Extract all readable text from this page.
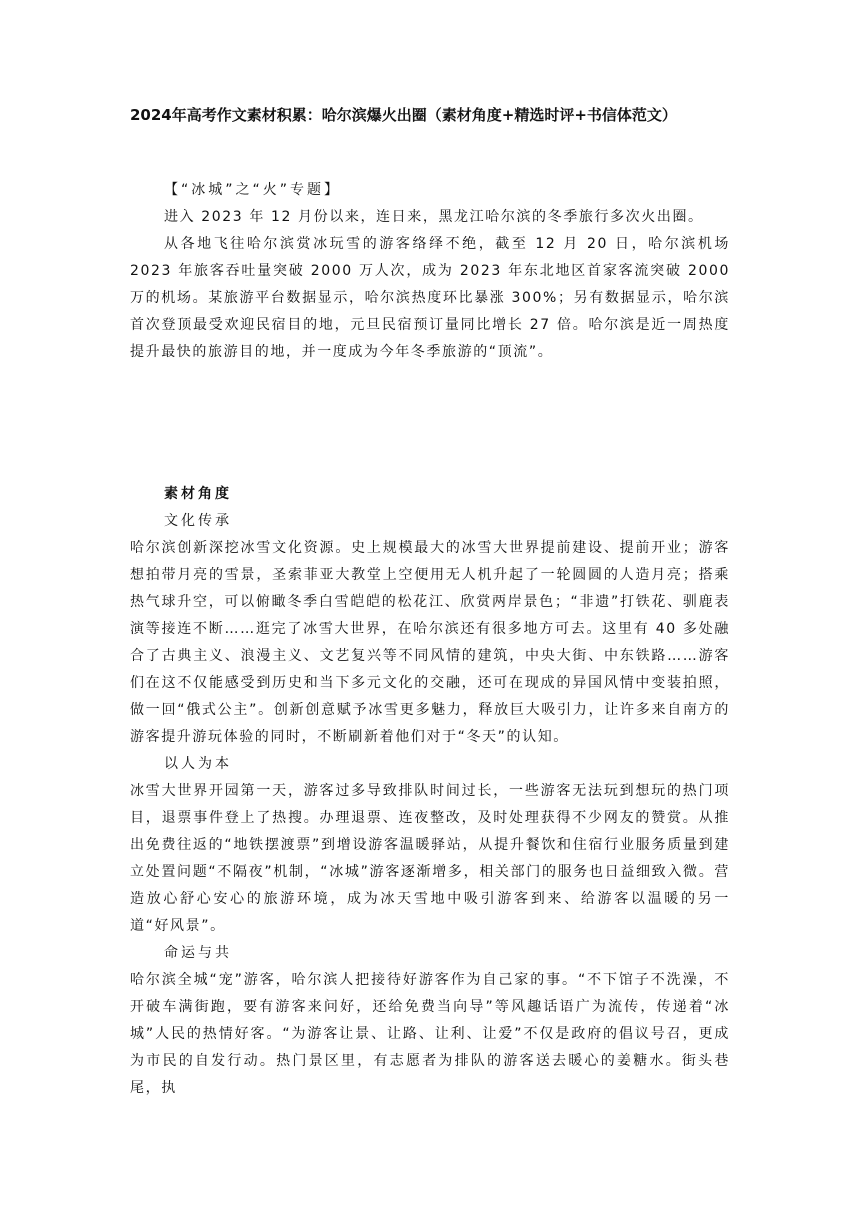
2024年高考作文素材积累：哈尔滨爆火出圈（素材角度+精选时评+书信体范文）

【“冰城”之“火”专题】

进入 2023 年 12 月份以来，连日来，黑龙江哈尔滨的冬季旅行多次火出圈。

从各地飞往哈尔滨赏冰玩雪的游客络绎不绝，截至 12 月 20 日，哈尔滨机场 2023 年旅客吞吐量突破 2000 万人次，成为 2023 年东北地区首家客流突破 2000 万的机场。某旅游平台数据显示，哈尔滨热度环比暴涨 300%；另有数据显示，哈尔滨首次登顶最受欢迎民宿目的地，元旦民宿预订量同比增长 27 倍。哈尔滨是近一周热度提升最快的旅游目的地，并一度成为今年冬季旅游的“顶流”。

素材角度

文化传承

哈尔滨创新深挖冰雪文化资源。史上规模最大的冰雪大世界提前建设、提前开业；游客想拍带月亮的雪景，圣索菲亚大教堂上空便用无人机升起了一轮圆圆的人造月亮；搭乘热气球升空，可以俯瞰冬季白雪皑皑的松花江、欣赏两岸景色；“非遗”打铁花、驯鹿表演等接连不断……逛完了冰雪大世界，在哈尔滨还有很多地方可去。这里有 40 多处融合了古典主义、浪漫主义、文艺复兴等不同风情的建筑，中央大街、中东铁路……游客们在这不仅能感受到历史和当下多元文化的交融，还可在现成的异国风情中变装拍照，做一回“俄式公主”。创新创意赋予冰雪更多魅力，释放巨大吸引力，让许多来自南方的游客提升游玩体验的同时，不断刷新着他们对于“冬天”的认知。

以人为本

冰雪大世界开园第一天，游客过多导致排队时间过长，一些游客无法玩到想玩的热门项目，退票事件登上了热搜。办理退票、连夜整改，及时处理获得不少网友的赞赏。从推出免费往返的“地铁摆渡票”到增设游客温暖驿站，从提升餐饮和住宿行业服务质量到建立处置问题“不隔夜”机制，“冰城”游客逐渐增多，相关部门的服务也日益细致入微。营造放心舒心安心的旅游环境，成为冰天雪地中吸引游客到来、给游客以温暖的另一道“好风景”。

命运与共

哈尔滨全城“宠”游客，哈尔滨人把接待好游客作为自己家的事。“不下馆子不洗澡，不开破车满街跑，要有游客来问好，还给免费当向导”等风趣话语广为流传，传递着“冰城”人民的热情好客。“为游客让景、让路、让利、让爱”不仅是政府的倡议号召，更成为市民的自发行动。热门景区里，有志愿者为排队的游客送去暖心的姜糖水。街头巷尾，执
